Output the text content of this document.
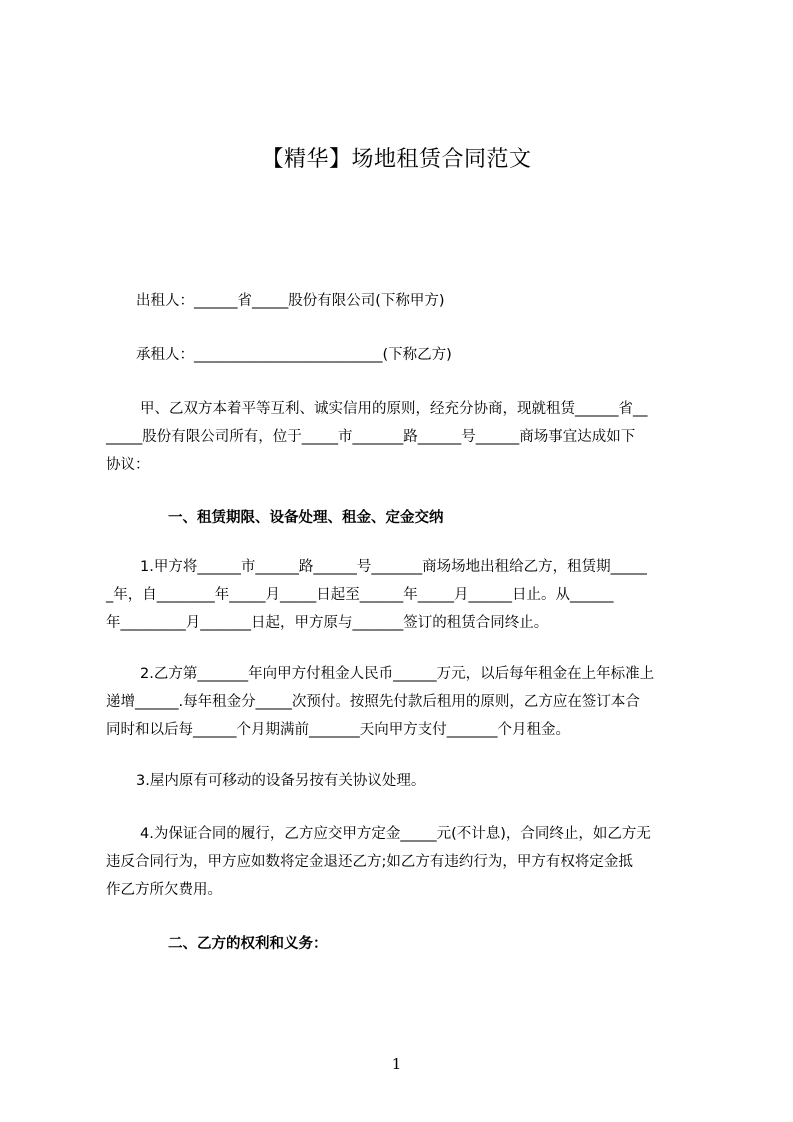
【精华】场地租赁合同范文

出租人：______省_____股份有限公司(下称甲方)

承租人：__________________________(下称乙方)

甲、乙双方本着平等互利、诚实信用的原则，经充分协商，现就租赁______省__

_____股份有限公司所有，位于_____市_______路______号______商场事宜达成如下

协议：

一、租赁期限、设备处理、租金、定金交纳

1.甲方将______市______路______号_______商场场地出租给乙方，租赁期_____

_年，自________年_____月_____日起至______年_____月______日止。从______

年_________月_______日起，甲方原与_______签订的租赁合同终止。

2.乙方第_______年向甲方付租金人民币______万元，以后每年租金在上年标准上

递增______.每年租金分_____次预付。按照先付款后租用的原则，乙方应在签订本合

同时和以后每______个月期满前_______天向甲方支付_______个月租金。

3.屋内原有可移动的设备另按有关协议处理。

4.为保证合同的履行，乙方应交甲方定金_____元(不计息)，合同终止，如乙方无

违反合同行为，甲方应如数将定金退还乙方;如乙方有违约行为，甲方有权将定金抵

作乙方所欠费用。

二、乙方的权利和义务：

1
